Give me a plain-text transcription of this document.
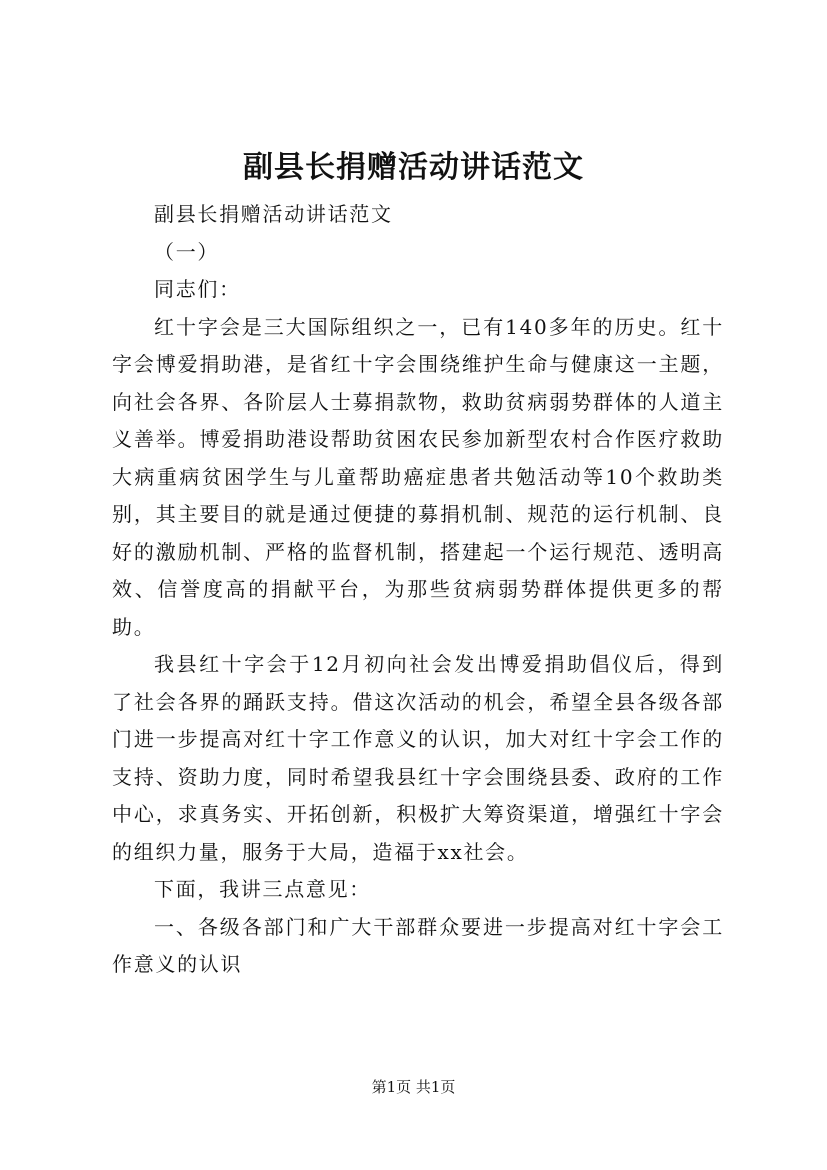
副县长捐赠活动讲话范文

副县长捐赠活动讲话范文

（一）

同志们：

红十字会是三大国际组织之一，已有140多年的历史。红十字会博爱捐助港，是省红十字会围绕维护生命与健康这一主题，向社会各界、各阶层人士募捐款物，救助贫病弱势群体的人道主义善举。博爱捐助港设帮助贫困农民参加新型农村合作医疗救助大病重病贫困学生与儿童帮助癌症患者共勉活动等10个救助类别，其主要目的就是通过便捷的募捐机制、规范的运行机制、良好的激励机制、严格的监督机制，搭建起一个运行规范、透明高效、信誉度高的捐献平台，为那些贫病弱势群体提供更多的帮助。

我县红十字会于12月初向社会发出博爱捐助倡仪后，得到了社会各界的踊跃支持。借这次活动的机会，希望全县各级各部门进一步提高对红十字工作意义的认识，加大对红十字会工作的支持、资助力度，同时希望我县红十字会围绕县委、政府的工作中心，求真务实、开拓创新，积极扩大筹资渠道，增强红十字会的组织力量，服务于大局，造福于xx社会。

下面，我讲三点意见：

一、各级各部门和广大干部群众要进一步提高对红十字会工作意义的认识

第1页 共1页
